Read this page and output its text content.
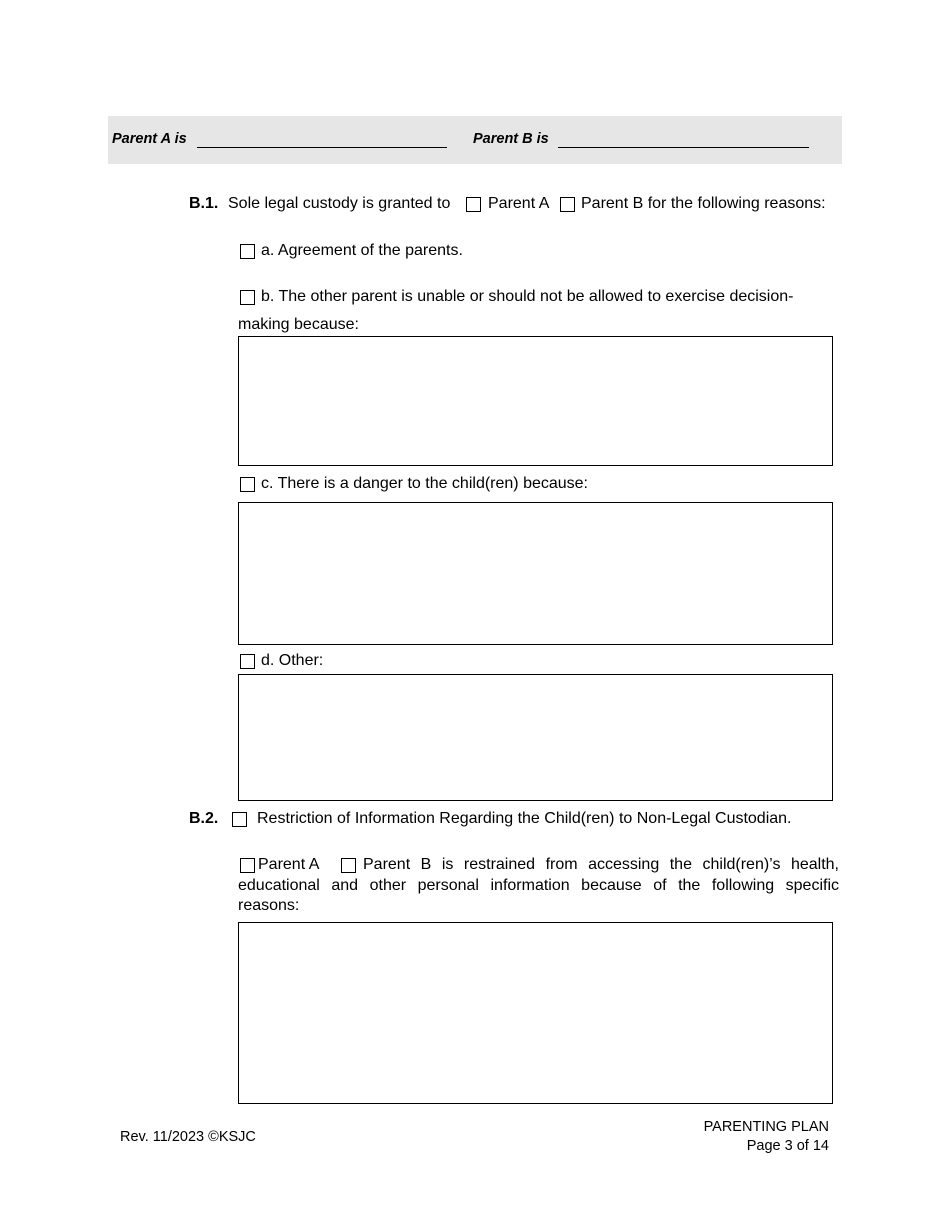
Parent A is	Parent B is
B.1. Sole legal custody is granted to Parent A Parent B for the following reasons:
a. Agreement of the parents.
b. The other parent is unable or should not be allowed to exercise decision-
making because:
c. There is a danger to the child(ren) because:
d. Other:
B.2. Restriction of Information Regarding the Child(ren) to Non-Legal Custodian.
Parent A	Parent B is restrained from accessing the child(ren)’s health, educational and other personal information because of the following specific reasons:
Rev. 11/2023 ©KSJC
PARENTING PLAN
Page 3 of 14
